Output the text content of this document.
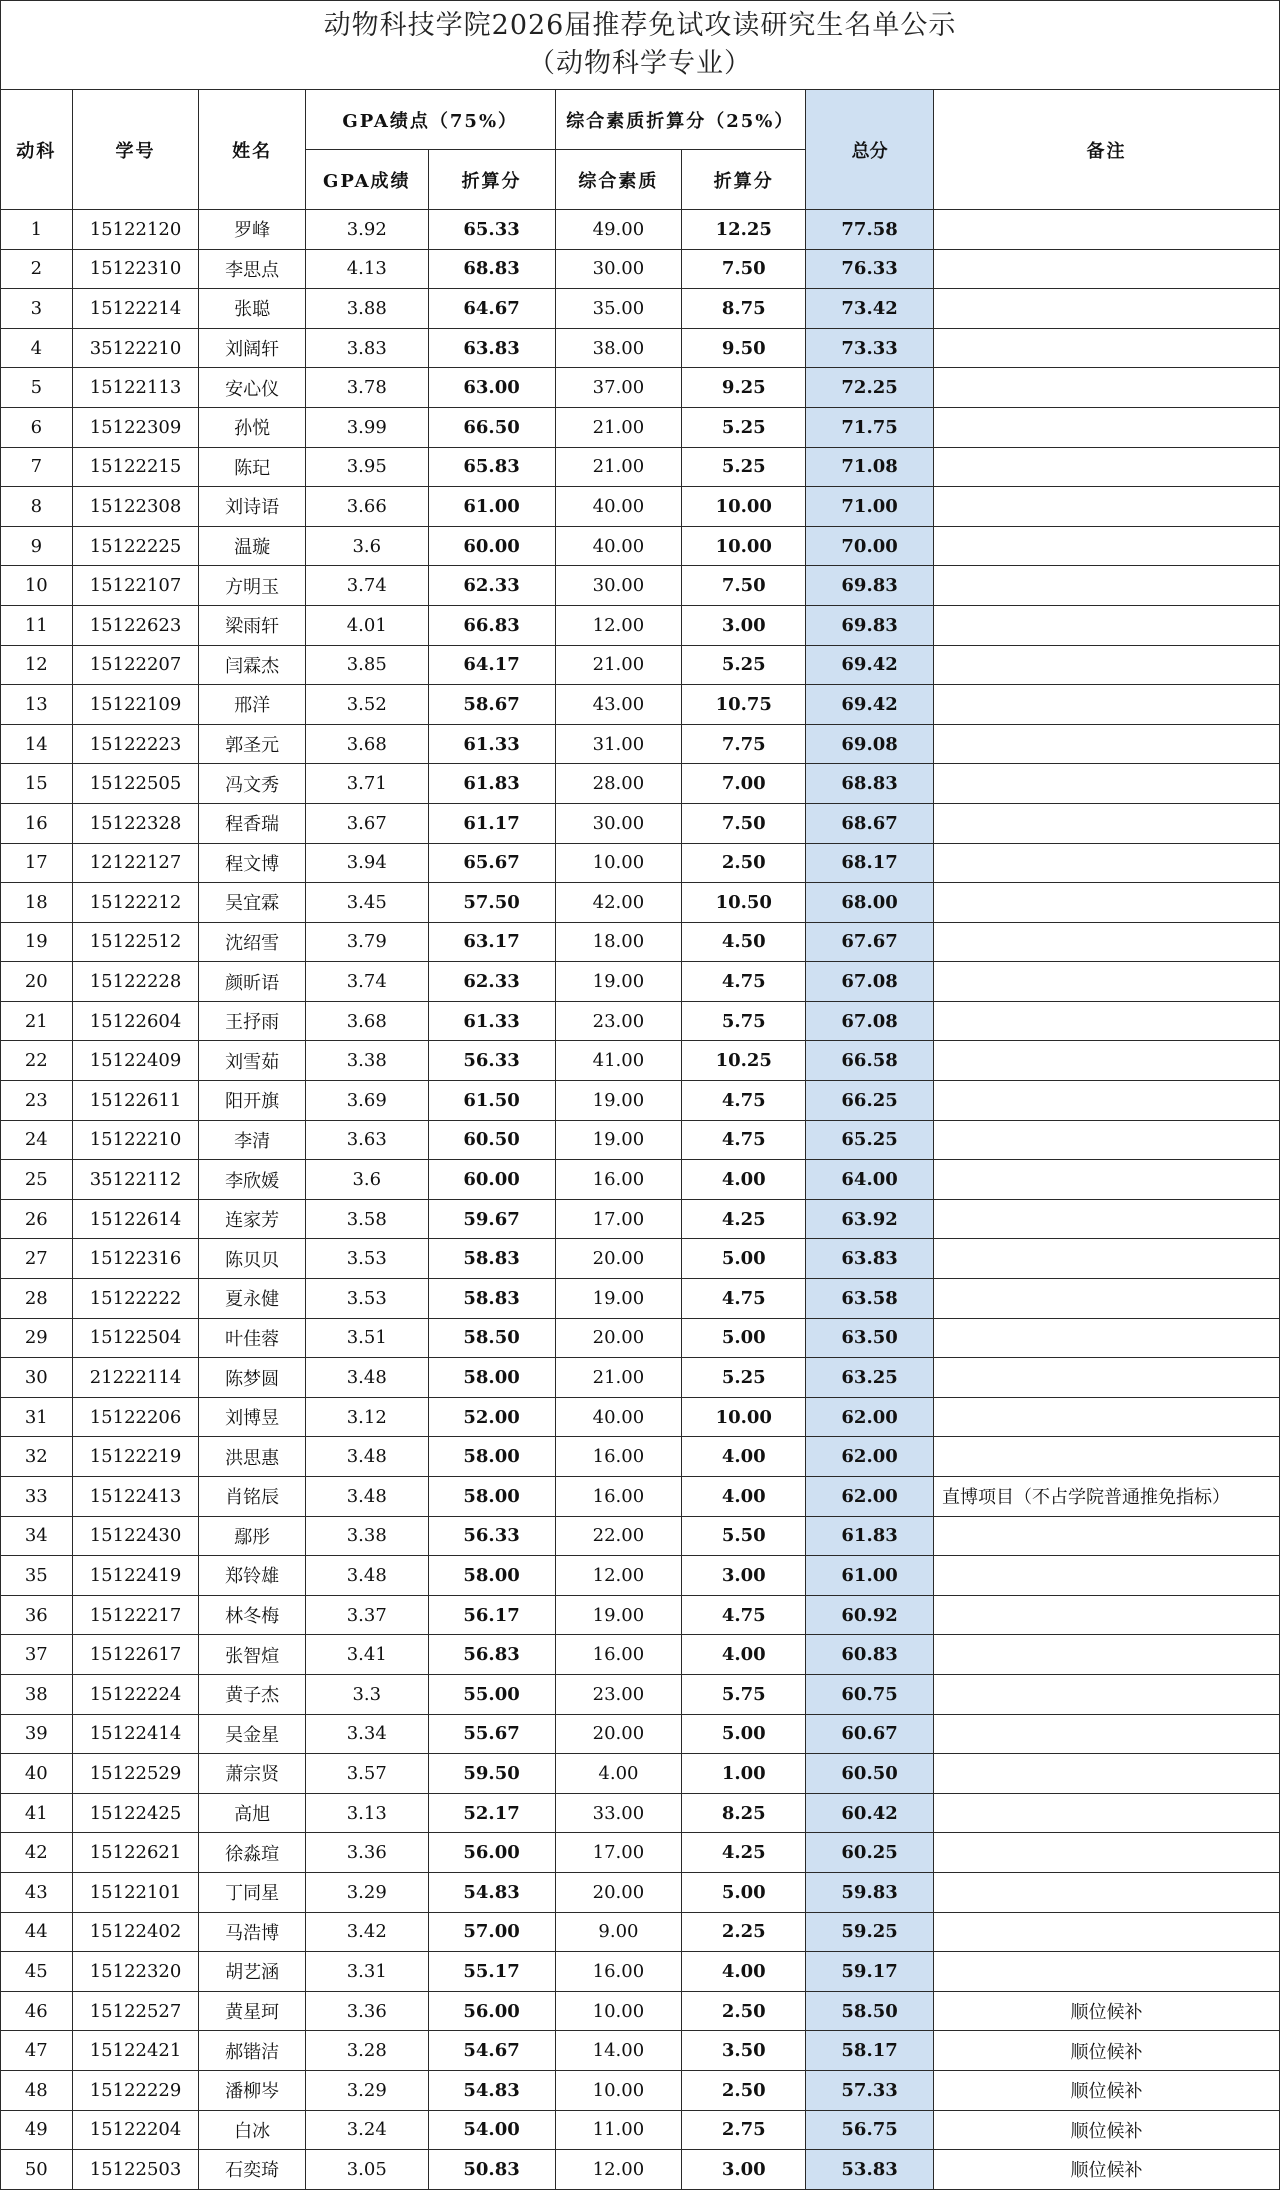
动物科技学院2026届推荐免试攻读研究生名单公示
（动物科学专业）								

动科	学号	姓名	GPA绩点（75%）		综合素质折算分（25%）		总分	备注
			GPA成绩	折算分	综合素质	折算分		
1	15122120	罗峰	3.92	65.33	49.00	12.25	77.58	
2	15122310	李思点	4.13	68.83	30.00	7.50	76.33	
3	15122214	张聪	3.88	64.67	35.00	8.75	73.42	
4	35122210	刘阔轩	3.83	63.83	38.00	9.50	73.33	
5	15122113	安心仪	3.78	63.00	37.00	9.25	72.25	
6	15122309	孙悦	3.99	66.50	21.00	5.25	71.75	
7	15122215	陈玘	3.95	65.83	21.00	5.25	71.08	
8	15122308	刘诗语	3.66	61.00	40.00	10.00	71.00	
9	15122225	温璇	3.6	60.00	40.00	10.00	70.00	
10	15122107	方明玉	3.74	62.33	30.00	7.50	69.83	
11	15122623	梁雨轩	4.01	66.83	12.00	3.00	69.83	
12	15122207	闫霖杰	3.85	64.17	21.00	5.25	69.42	
13	15122109	邢洋	3.52	58.67	43.00	10.75	69.42	
14	15122223	郭圣元	3.68	61.33	31.00	7.75	69.08	
15	15122505	冯文秀	3.71	61.83	28.00	7.00	68.83	
16	15122328	程香瑞	3.67	61.17	30.00	7.50	68.67	
17	12122127	程文博	3.94	65.67	10.00	2.50	68.17	
18	15122212	吴宜霖	3.45	57.50	42.00	10.50	68.00	
19	15122512	沈绍雪	3.79	63.17	18.00	4.50	67.67	
20	15122228	颜昕语	3.74	62.33	19.00	4.75	67.08	
21	15122604	王抒雨	3.68	61.33	23.00	5.75	67.08	
22	15122409	刘雪茹	3.38	56.33	41.00	10.25	66.58	
23	15122611	阳开旗	3.69	61.50	19.00	4.75	66.25	
24	15122210	李清	3.63	60.50	19.00	4.75	65.25	
25	35122112	李欣媛	3.6	60.00	16.00	4.00	64.00	
26	15122614	连家芳	3.58	59.67	17.00	4.25	63.92	
27	15122316	陈贝贝	3.53	58.83	20.00	5.00	63.83	
28	15122222	夏永健	3.53	58.83	19.00	4.75	63.58	
29	15122504	叶佳蓉	3.51	58.50	20.00	5.00	63.50	
30	21222114	陈梦圆	3.48	58.00	21.00	5.25	63.25	
31	15122206	刘博昱	3.12	52.00	40.00	10.00	62.00	
32	15122219	洪思惠	3.48	58.00	16.00	4.00	62.00	
33	15122413	肖铭辰	3.48	58.00	16.00	4.00	62.00	直博项目（不占学院普通推免指标）
34	15122430	鄢彤	3.38	56.33	22.00	5.50	61.83	
35	15122419	郑铃雄	3.48	58.00	12.00	3.00	61.00	
36	15122217	林冬梅	3.37	56.17	19.00	4.75	60.92	
37	15122617	张智煊	3.41	56.83	16.00	4.00	60.83	
38	15122224	黄子杰	3.3	55.00	23.00	5.75	60.75	
39	15122414	吴金星	3.34	55.67	20.00	5.00	60.67	
40	15122529	萧宗贤	3.57	59.50	4.00	1.00	60.50	
41	15122425	高旭	3.13	52.17	33.00	8.25	60.42	
42	15122621	徐淼瑄	3.36	56.00	17.00	4.25	60.25	
43	15122101	丁同星	3.29	54.83	20.00	5.00	59.83	
44	15122402	马浩博	3.42	57.00	9.00	2.25	59.25	
45	15122320	胡艺涵	3.31	55.17	16.00	4.00	59.17	
46	15122527	黄星珂	3.36	56.00	10.00	2.50	58.50	顺位候补
47	15122421	郝锴洁	3.28	54.67	14.00	3.50	58.17	顺位候补
48	15122229	潘柳岑	3.29	54.83	10.00	2.50	57.33	顺位候补
49	15122204	白冰	3.24	54.00	11.00	2.75	56.75	顺位候补
50	15122503	石奕琦	3.05	50.83	12.00	3.00	53.83	顺位候补
